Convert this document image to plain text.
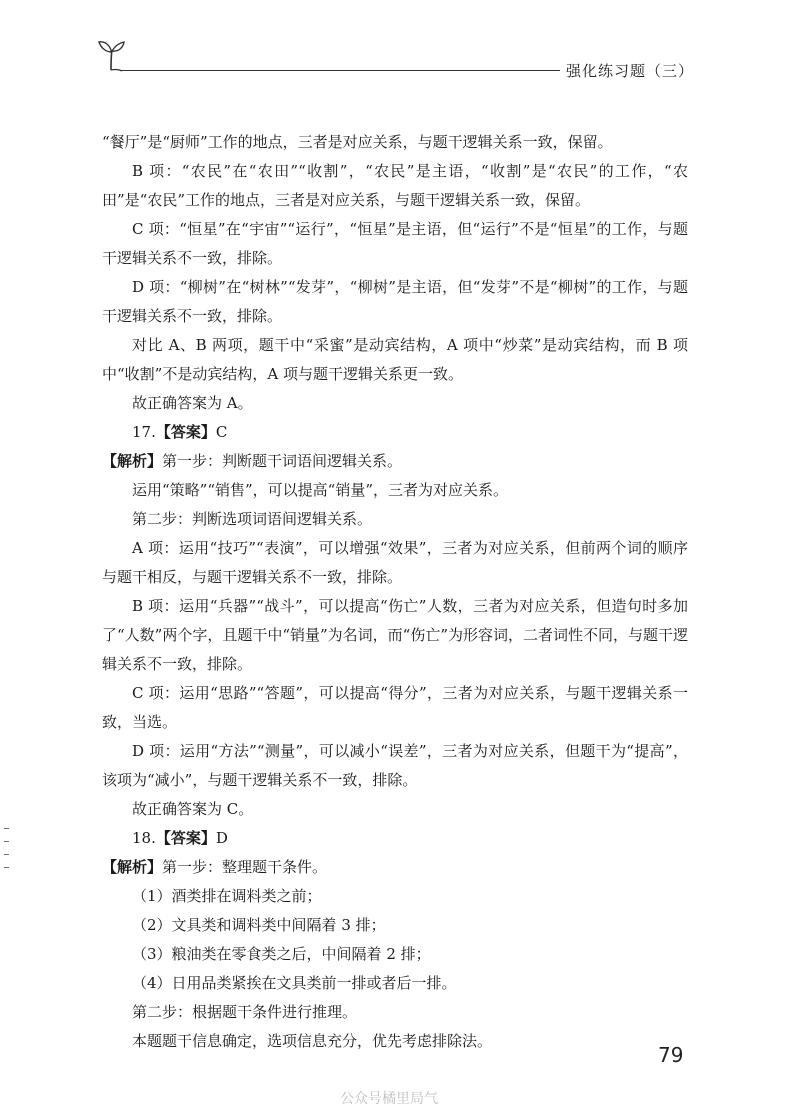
强化练习题（三）

“餐厅”是“厨师”工作的地点，三者是对应关系，与题干逻辑关系一致，保留。

B 项：“农民”在“农田”“收割”，“农民”是主语，“收割”是“农民”的工作，“农田”是“农民”工作的地点，三者是对应关系，与题干逻辑关系一致，保留。

C 项：“恒星”在“宇宙”“运行”，“恒星”是主语，但“运行”不是“恒星”的工作，与题干逻辑关系不一致，排除。

D 项：“柳树”在“树林”“发芽”，“柳树”是主语，但“发芽”不是“柳树”的工作，与题干逻辑关系不一致，排除。

对比 A、B 两项，题干中“采蜜”是动宾结构，A 项中“炒菜”是动宾结构，而 B 项中“收割”不是动宾结构，A 项与题干逻辑关系更一致。

故正确答案为 A。

17.【答案】C

【解析】第一步：判断题干词语间逻辑关系。

运用“策略”“销售”，可以提高“销量”，三者为对应关系。

第二步：判断选项词语间逻辑关系。

A 项：运用“技巧”“表演”，可以增强“效果”，三者为对应关系，但前两个词的顺序与题干相反，与题干逻辑关系不一致，排除。

B 项：运用“兵器”“战斗”，可以提高“伤亡”人数，三者为对应关系，但造句时多加了“人数”两个字，且题干中“销量”为名词，而“伤亡”为形容词，二者词性不同，与题干逻辑关系不一致，排除。

C 项：运用“思路”“答题”，可以提高“得分”，三者为对应关系，与题干逻辑关系一致，当选。

D 项：运用“方法”“测量”，可以减小“误差”，三者为对应关系，但题干为“提高”，该项为“减小”，与题干逻辑关系不一致，排除。

故正确答案为 C。

18.【答案】D

【解析】第一步：整理题干条件。

（1）酒类排在调料类之前；

（2）文具类和调料类中间隔着 3 排；

（3）粮油类在零食类之后，中间隔着 2 排；

（4）日用品类紧挨在文具类前一排或者后一排。

第二步：根据题干条件进行推理。

本题题干信息确定，选项信息充分，优先考虑排除法。

79
公众号橘里局气
